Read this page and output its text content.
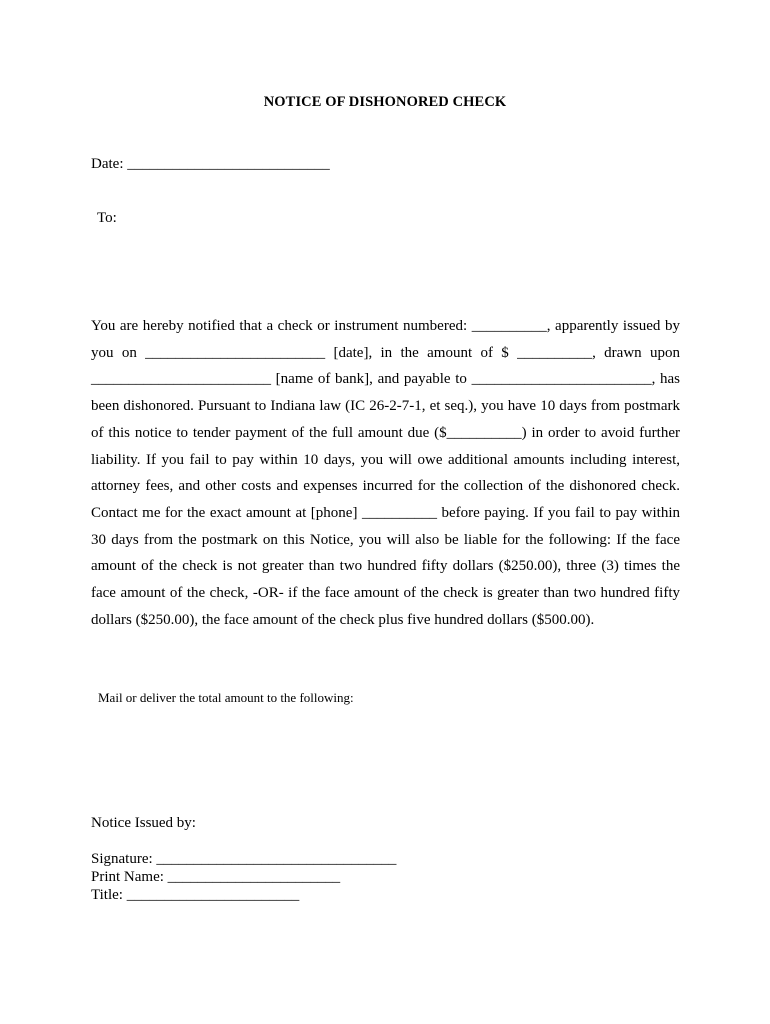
NOTICE OF DISHONORED CHECK
Date: ___________________________
To:
You are hereby notified that a check or instrument numbered: __________, apparently issued by you on ________________________ [date], in the amount of $ __________, drawn upon ________________________ [name of bank], and payable to ________________________, has been dishonored. Pursuant to Indiana law (IC 26-2-7-1, et seq.), you have 10 days from postmark of this notice to tender payment of the full amount due ($__________) in order to avoid further liability. If you fail to pay within 10 days, you will owe additional amounts including interest, attorney fees, and other costs and expenses incurred for the collection of the dishonored check. Contact me for the exact amount at [phone] __________ before paying. If you fail to pay within 30 days from the postmark on this Notice, you will also be liable for the following: If the face amount of the check is not greater than two hundred fifty dollars ($250.00), three (3) times the face amount of the check, -OR- if the face amount of the check is greater than two hundred fifty dollars ($250.00), the face amount of the check plus five hundred dollars ($500.00).
Mail or deliver the total amount to the following:
Notice Issued by:
Signature: ________________________________
Print Name: _______________________
Title: _______________________
